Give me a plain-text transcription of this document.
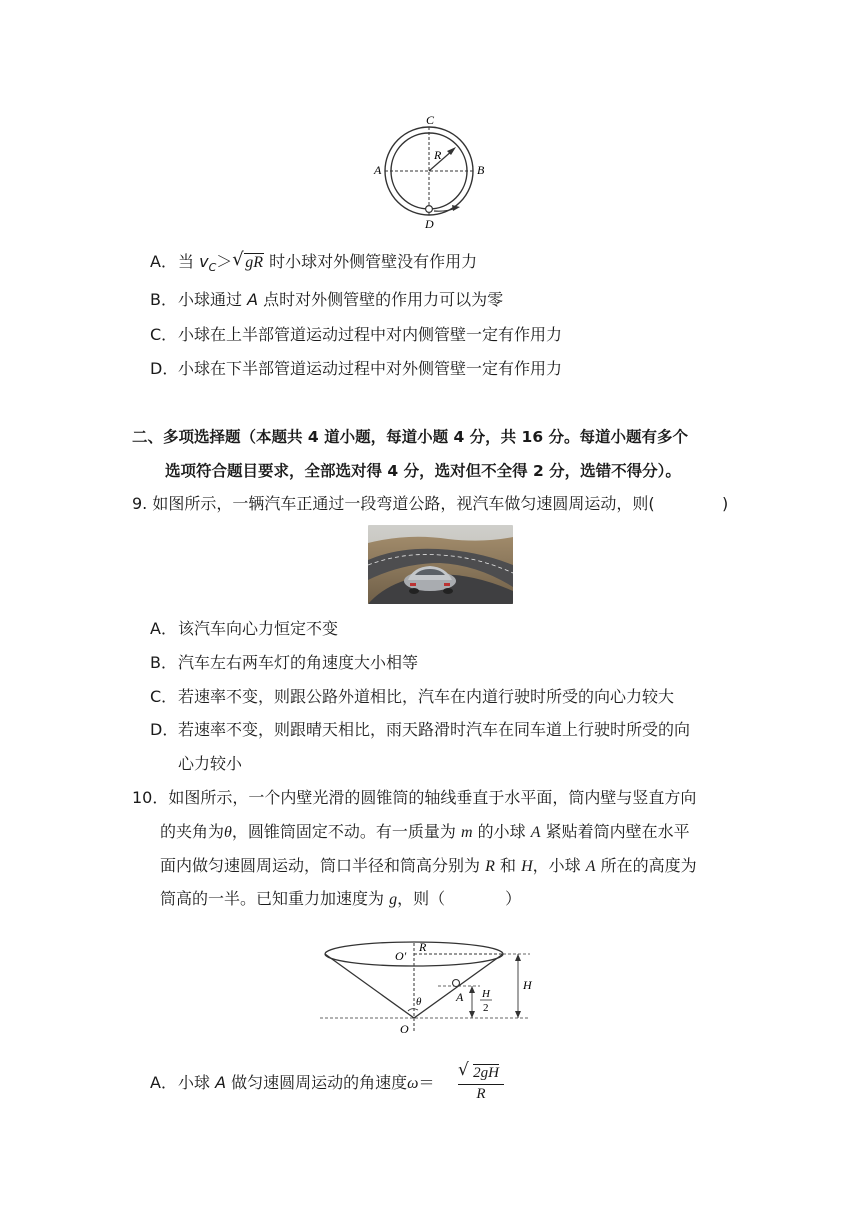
C
A	B
D
R
A．当 $v_C>$ √ gR 时小球对外侧管壁没有作用力
B．小球通过 A 点时对外侧管壁的作用力可以为零
C．小球在上半部管道运动过程中对内侧管壁一定有作用力
D．小球在下半部管道运动过程中对外侧管壁一定有作用力
二、多项选择题（本题共 4 道小题，每道小题 4 分，共 16 分。每道小题有多个
选项符合题目要求，全部选对得 4 分，选对但不全得 2 分，选错不得分）。
9. 如图所示，一辆汽车正通过一段弯道公路，视汽车做匀速圆周运动，则(	)
A．该汽车向心力恒定不变
B．汽车左右两车灯的角速度大小相等
C．若速率不变，则跟公路外道相比，汽车在内道行驶时所受的向心力较大
D．若速率不变，则跟晴天相比，雨天路滑时汽车在同车道上行驶时所受的向
心力较小
10．如图所示，一个内壁光滑的圆锥筒的轴线垂直于水平面，筒内壁与竖直方向
的夹角为θ，圆锥筒固定不动。有一质量为 m 的小球 A 紧贴着筒内壁在水平
面内做匀速圆周运动，筒口半径和筒高分别为 R 和 H，小球 A 所在的高度为
筒高的一半。已知重力加速度为 g，则（	）
O′
R
A
θ
O
H
2
H
A．小球 A 做匀速圆周运动的角速度ω＝
√ 2gH
R
